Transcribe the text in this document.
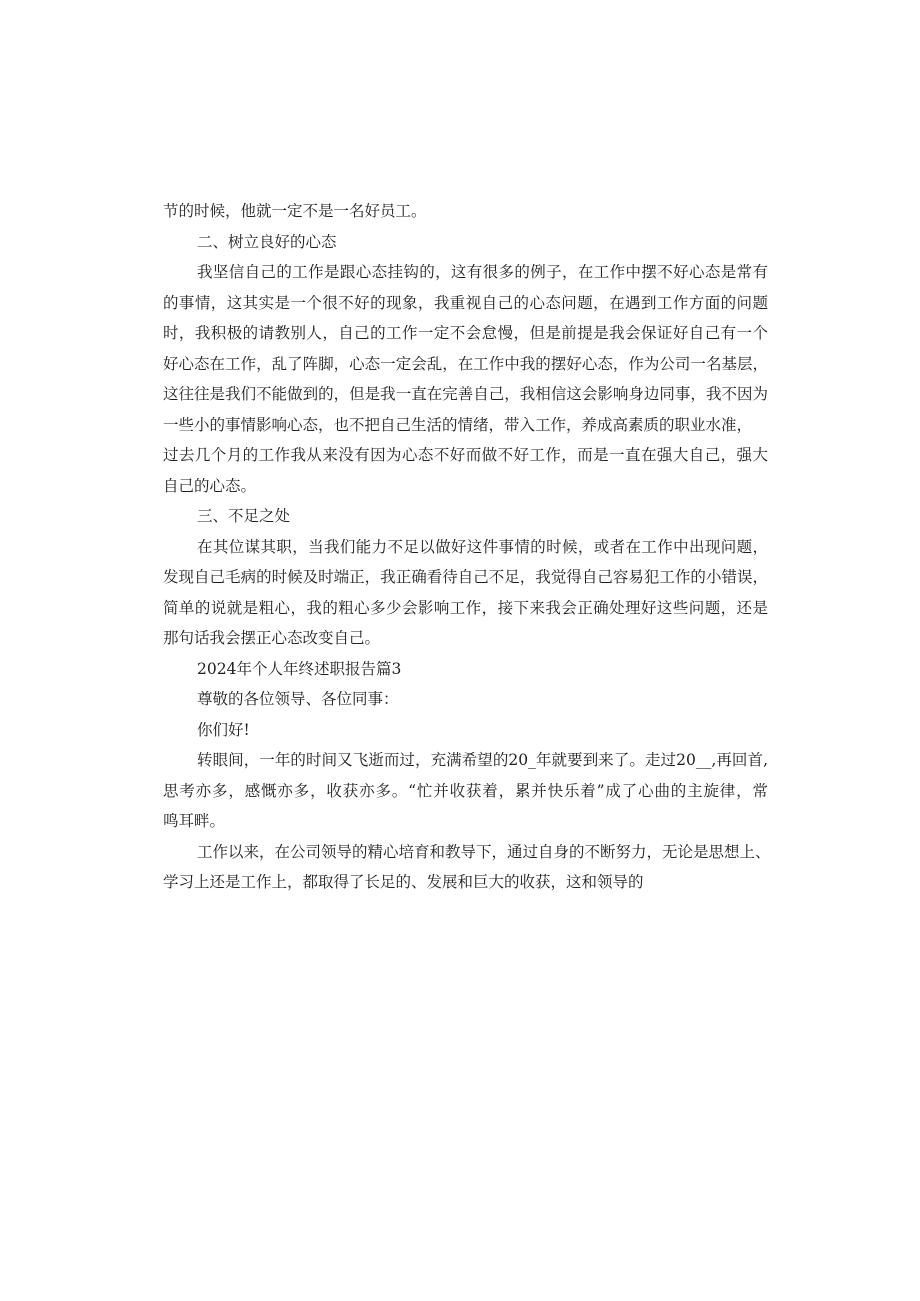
节的时候，他就一定不是一名好员工。
二、树立良好的心态
我坚信自己的工作是跟心态挂钩的，这有很多的例子，在工作中摆不好心态是常有
的事情，这其实是一个很不好的现象，我重视自己的心态问题，在遇到工作方面的问题
时，我积极的请教别人，自己的工作一定不会怠慢，但是前提是我会保证好自己有一个
好心态在工作，乱了阵脚，心态一定会乱，在工作中我的摆好心态，作为公司一名基层，
这往往是我们不能做到的，但是我一直在完善自己，我相信这会影响身边同事，我不因为
一些小的事情影响心态，也不把自己生活的情绪，带入工作，养成高素质的职业水准，
过去几个月的工作我从来没有因为心态不好而做不好工作，而是一直在强大自己，强大
自己的心态。
三、不足之处
在其位谋其职，当我们能力不足以做好这件事情的时候，或者在工作中出现问题，
发现自己毛病的时候及时端正，我正确看待自己不足，我觉得自己容易犯工作的小错误，
简单的说就是粗心，我的粗心多少会影响工作，接下来我会正确处理好这些问题，还是
那句话我会摆正心态改变自己。
2024年个人年终述职报告篇3
尊敬的各位领导、各位同事：
你们好!
转眼间，一年的时间又飞逝而过，充满希望的20_年就要到来了。走过20__,再回首,
思考亦多，感慨亦多，收获亦多。“忙并收获着，累并快乐着”成了心曲的主旋律，常
鸣耳畔。
工作以来，在公司领导的精心培育和教导下，通过自身的不断努力，无论是思想上、
学习上还是工作上，都取得了长足的、发展和巨大的收获，这和领导的
